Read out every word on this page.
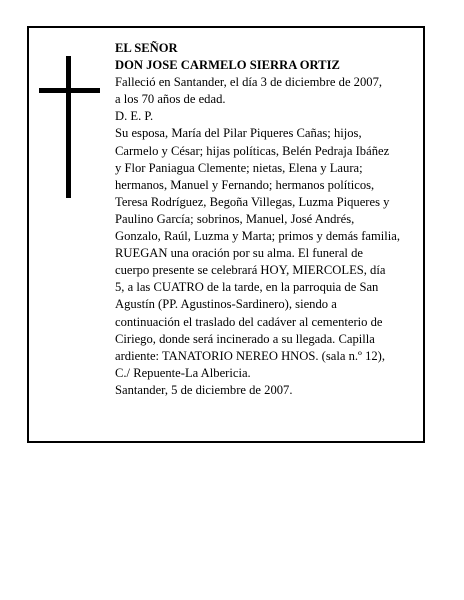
EL SEÑOR
DON JOSE CARMELO SIERRA ORTIZ
Falleció en Santander, el día 3 de diciembre de 2007,
a los 70 años de edad.
D. E. P.
Su esposa, María del Pilar Piqueres Cañas; hijos,
Carmelo y César; hijas políticas, Belén Pedraja Ibáñez
y Flor Paniagua Clemente; nietas, Elena y Laura;
hermanos, Manuel y Fernando; hermanos políticos,
Teresa Rodríguez, Begoña Villegas, Luzma Piqueres y
Paulino García; sobrinos, Manuel, José Andrés,
Gonzalo, Raúl, Luzma y Marta; primos y demás familia,
RUEGAN una oración por su alma. El funeral de
cuerpo presente se celebrará HOY, MIERCOLES, día
5, a las CUATRO de la tarde, en la parroquia de San
Agustín (PP. Agustinos-Sardinero), siendo a
continuación el traslado del cadáver al cementerio de
Ciriego, donde será incinerado a su llegada. Capilla
ardiente: TANATORIO NEREO HNOS. (sala n.º 12),
C./ Repuente-La Albericia.
Santander, 5 de diciembre de 2007.
